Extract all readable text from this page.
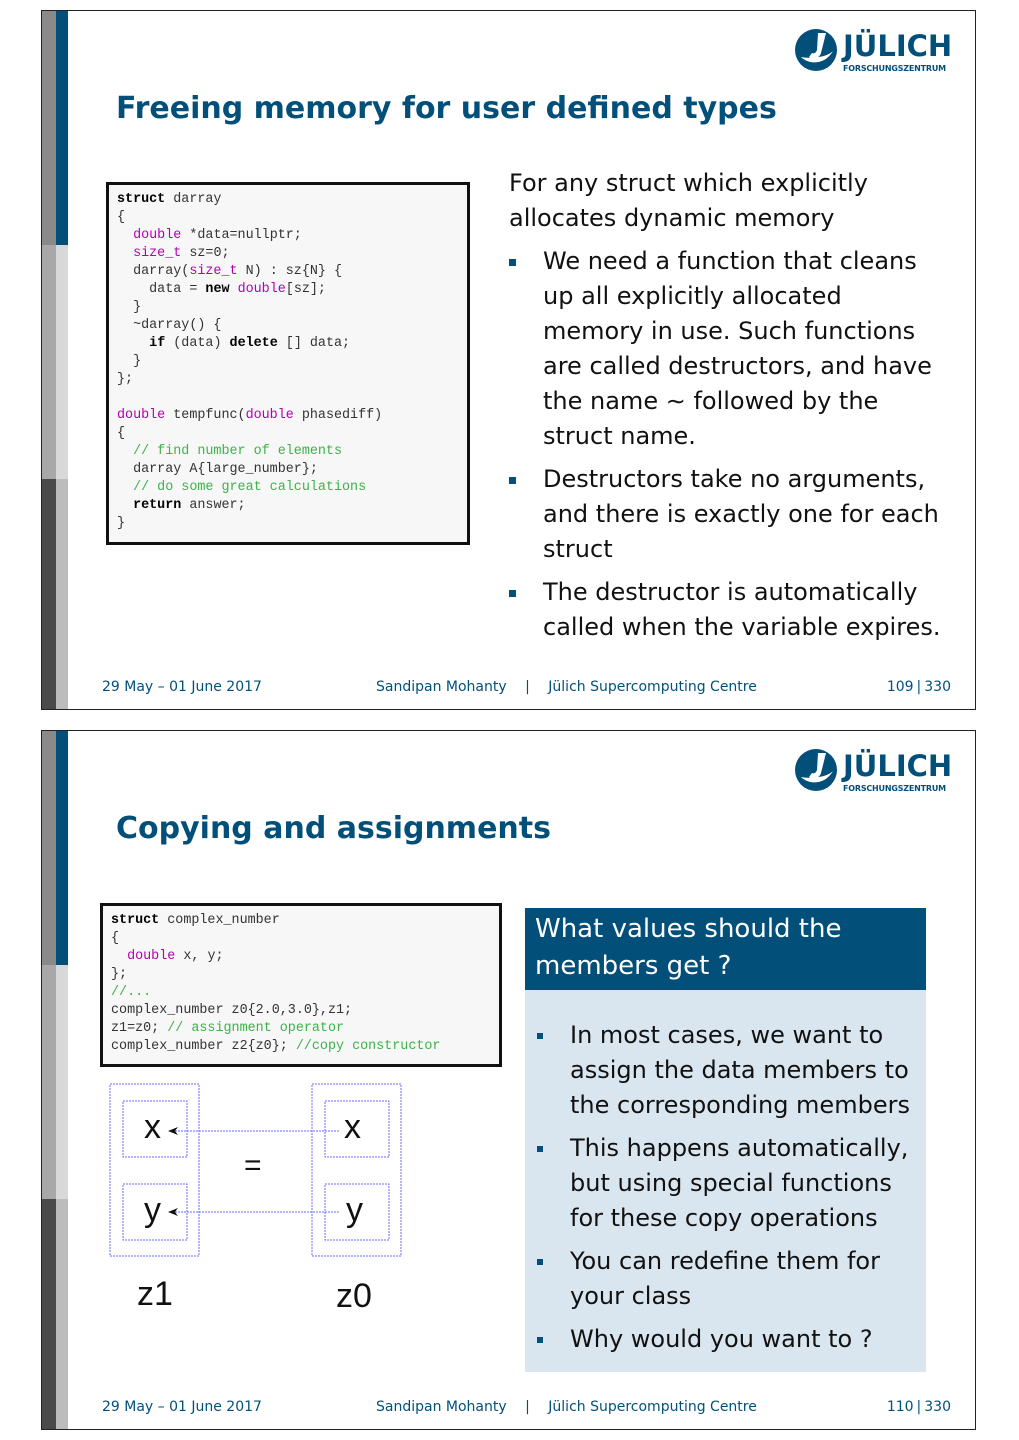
JÜLICH
FORSCHUNGSZENTRUM
Freeing memory for user defined types
struct darray
{
double *data=nullptr;
size_t sz=0;
darray(size_t N) : sz{N} {
data = new double[sz];
}
~darray() {
if (data) delete [] data;
}
};
double tempfunc(double phasediff)
{
// find number of elements
darray A{large_number};
// do some great calculations
return answer;
}
For any struct which explicitly allocates dynamic memory
We need a function that cleans up all explicitly allocated memory in use. Such functions are called destructors, and have the name ∼ followed by the struct name.
Destructors take no arguments, and there is exactly one for each struct
The destructor is automatically called when the variable expires.
29 May – 01 June 2017	Sandipan Mohanty | Jülich Supercomputing Centre	109 | 330
JÜLICH
FORSCHUNGSZENTRUM
Copying and assignments
struct complex_number
{
double x, y;
};
//...
complex_number z0{2.0,3.0},z1;
z1=z0; // assignment operator
complex_number z2{z0}; //copy constructor
x
y
x
y
=
z1	z0
What values should the members get ?
In most cases, we want to assign the data members to the corresponding members
This happens automatically, but using special functions for these copy operations
You can redefine them for your class
Why would you want to ?
29 May – 01 June 2017	Sandipan Mohanty | Jülich Supercomputing Centre	110 | 330
